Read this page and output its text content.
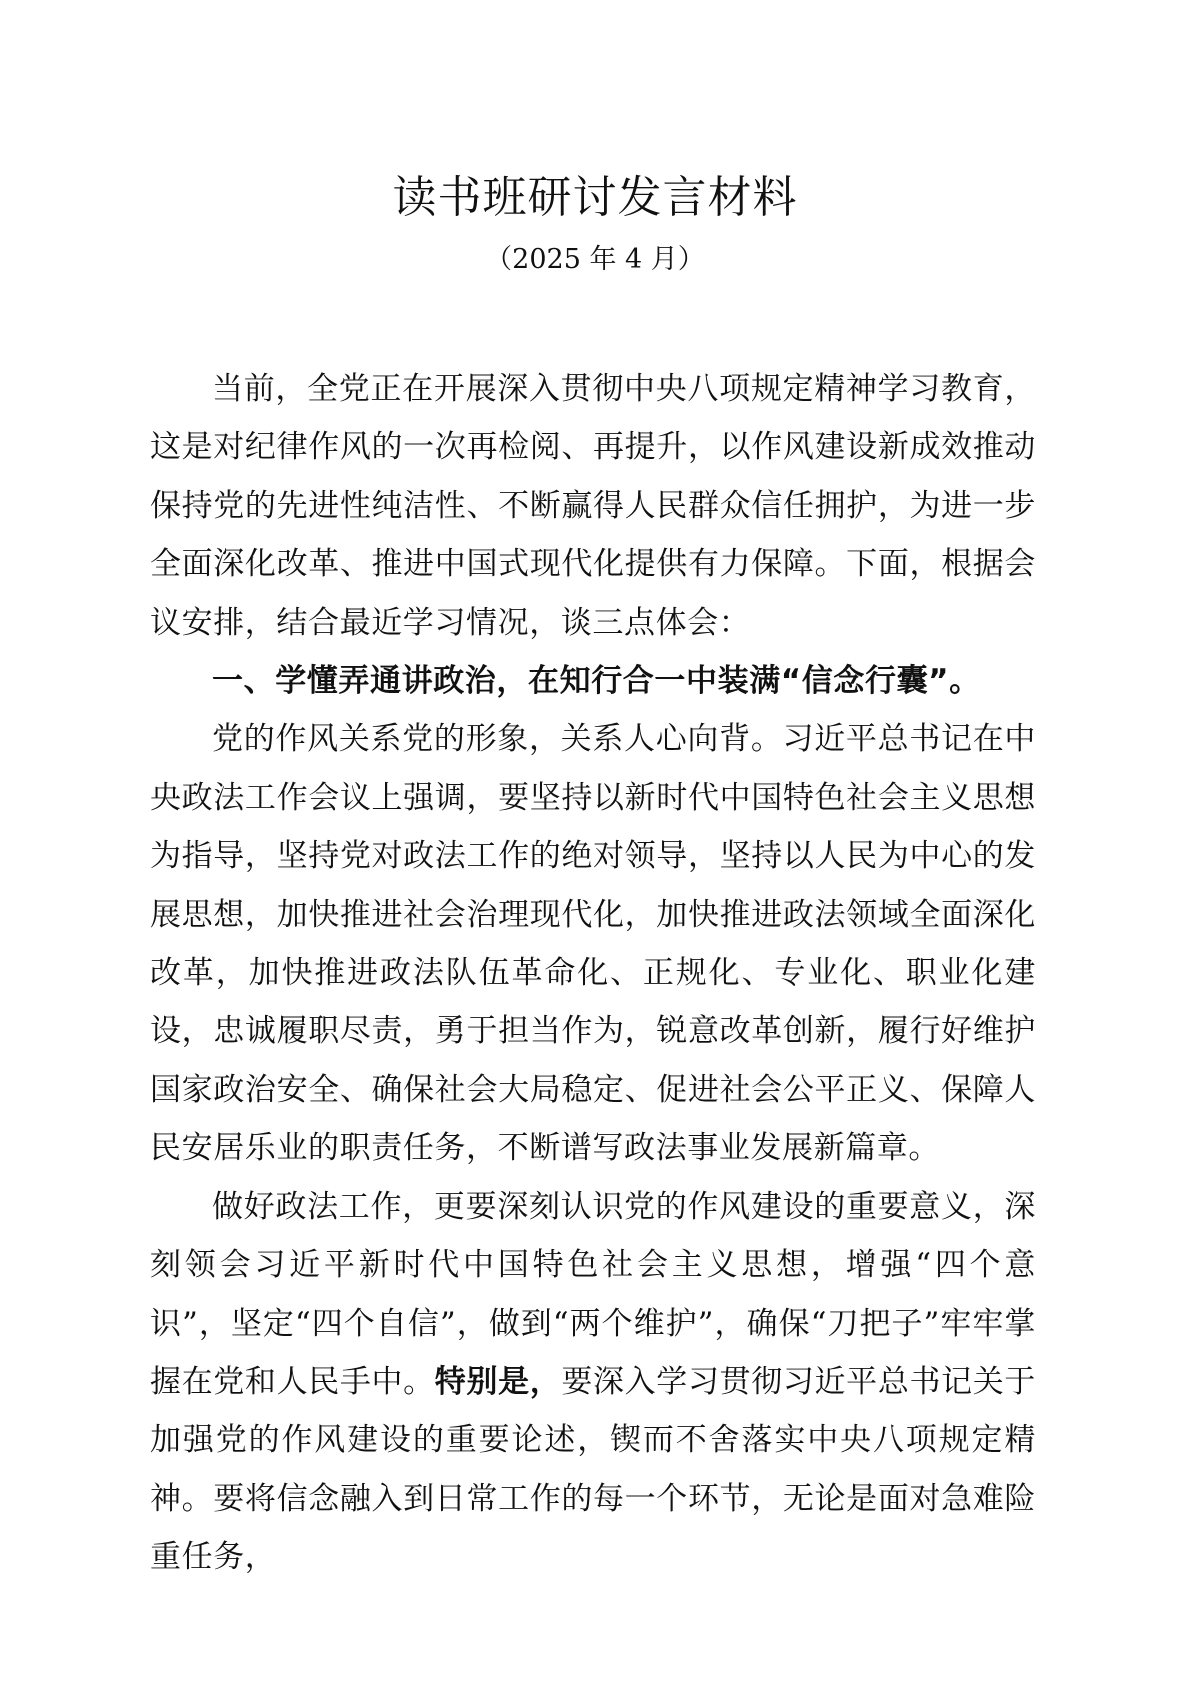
读书班研讨发言材料

（2025 年 4 月）

当前，全党正在开展深入贯彻中央八项规定精神学习教育，这是对纪律作风的一次再检阅、再提升，以作风建设新成效推动保持党的先进性纯洁性、不断赢得人民群众信任拥护，为进一步全面深化改革、推进中国式现代化提供有力保障。下面，根据会议安排，结合最近学习情况，谈三点体会：

一、学懂弄通讲政治，在知行合一中装满“信念行囊”。

党的作风关系党的形象，关系人心向背。习近平总书记在中央政法工作会议上强调，要坚持以新时代中国特色社会主义思想为指导，坚持党对政法工作的绝对领导，坚持以人民为中心的发展思想，加快推进社会治理现代化，加快推进政法领域全面深化改革，加快推进政法队伍革命化、正规化、专业化、职业化建设，忠诚履职尽责，勇于担当作为，锐意改革创新，履行好维护国家政治安全、确保社会大局稳定、促进社会公平正义、保障人民安居乐业的职责任务，不断谱写政法事业发展新篇章。

做好政法工作，更要深刻认识党的作风建设的重要意义，深刻领会习近平新时代中国特色社会主义思想，增强“四个意识”，坚定“四个自信”，做到“两个维护”，确保“刀把子”牢牢掌握在党和人民手中。特别是，要深入学习贯彻习近平总书记关于加强党的作风建设的重要论述，锲而不舍落实中央八项规定精神。要将信念融入到日常工作的每一个环节，无论是面对急难险重任务，
